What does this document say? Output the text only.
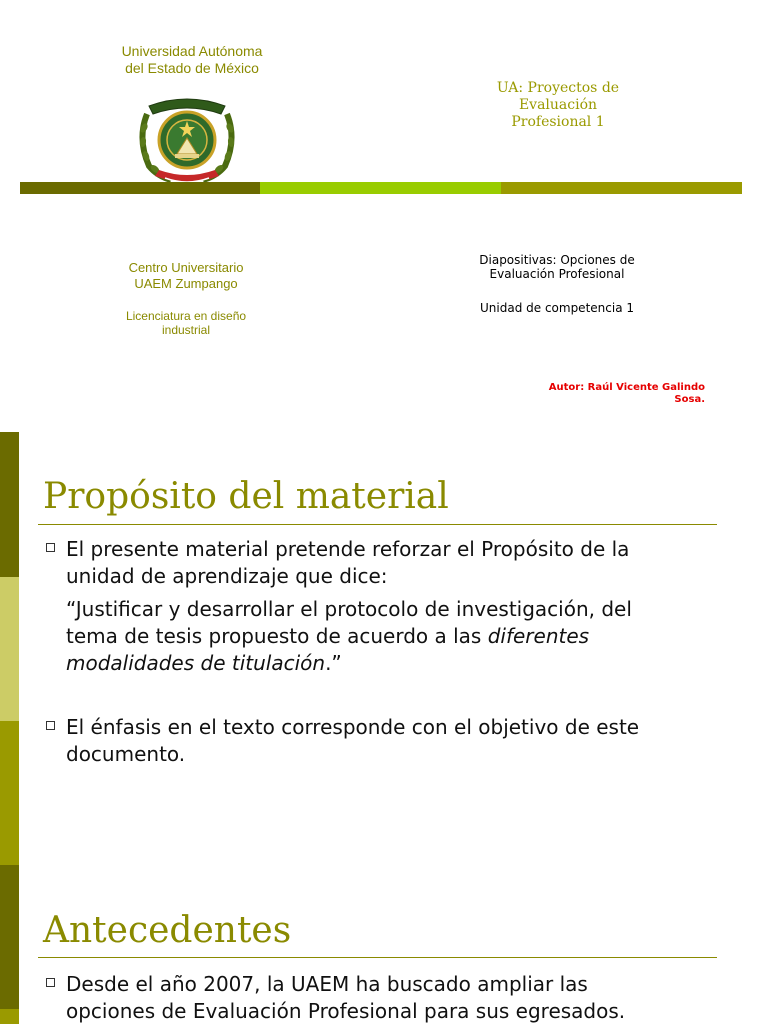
Universidad Autónoma
del Estado de México
UA: Proyectos de
Evaluación
Profesional 1
Centro Universitario
UAEM Zumpango
Licenciatura en diseño
industrial
Diapositivas: Opciones de
Evaluación Profesional
Unidad de competencia 1
Autor: Raúl Vicente Galindo
Sosa.
Propósito del material

El presente material pretende reforzar el Propósito de la

unidad de aprendizaje que dice:

“Justificar y desarrollar el protocolo de investigación, del

tema de tesis propuesto de acuerdo a las diferentes

modalidades de titulación.”

El énfasis en el texto corresponde con el objetivo de este

documento.

Antecedentes

Desde el año 2007, la UAEM ha buscado ampliar las

opciones de Evaluación Profesional para sus egresados.
